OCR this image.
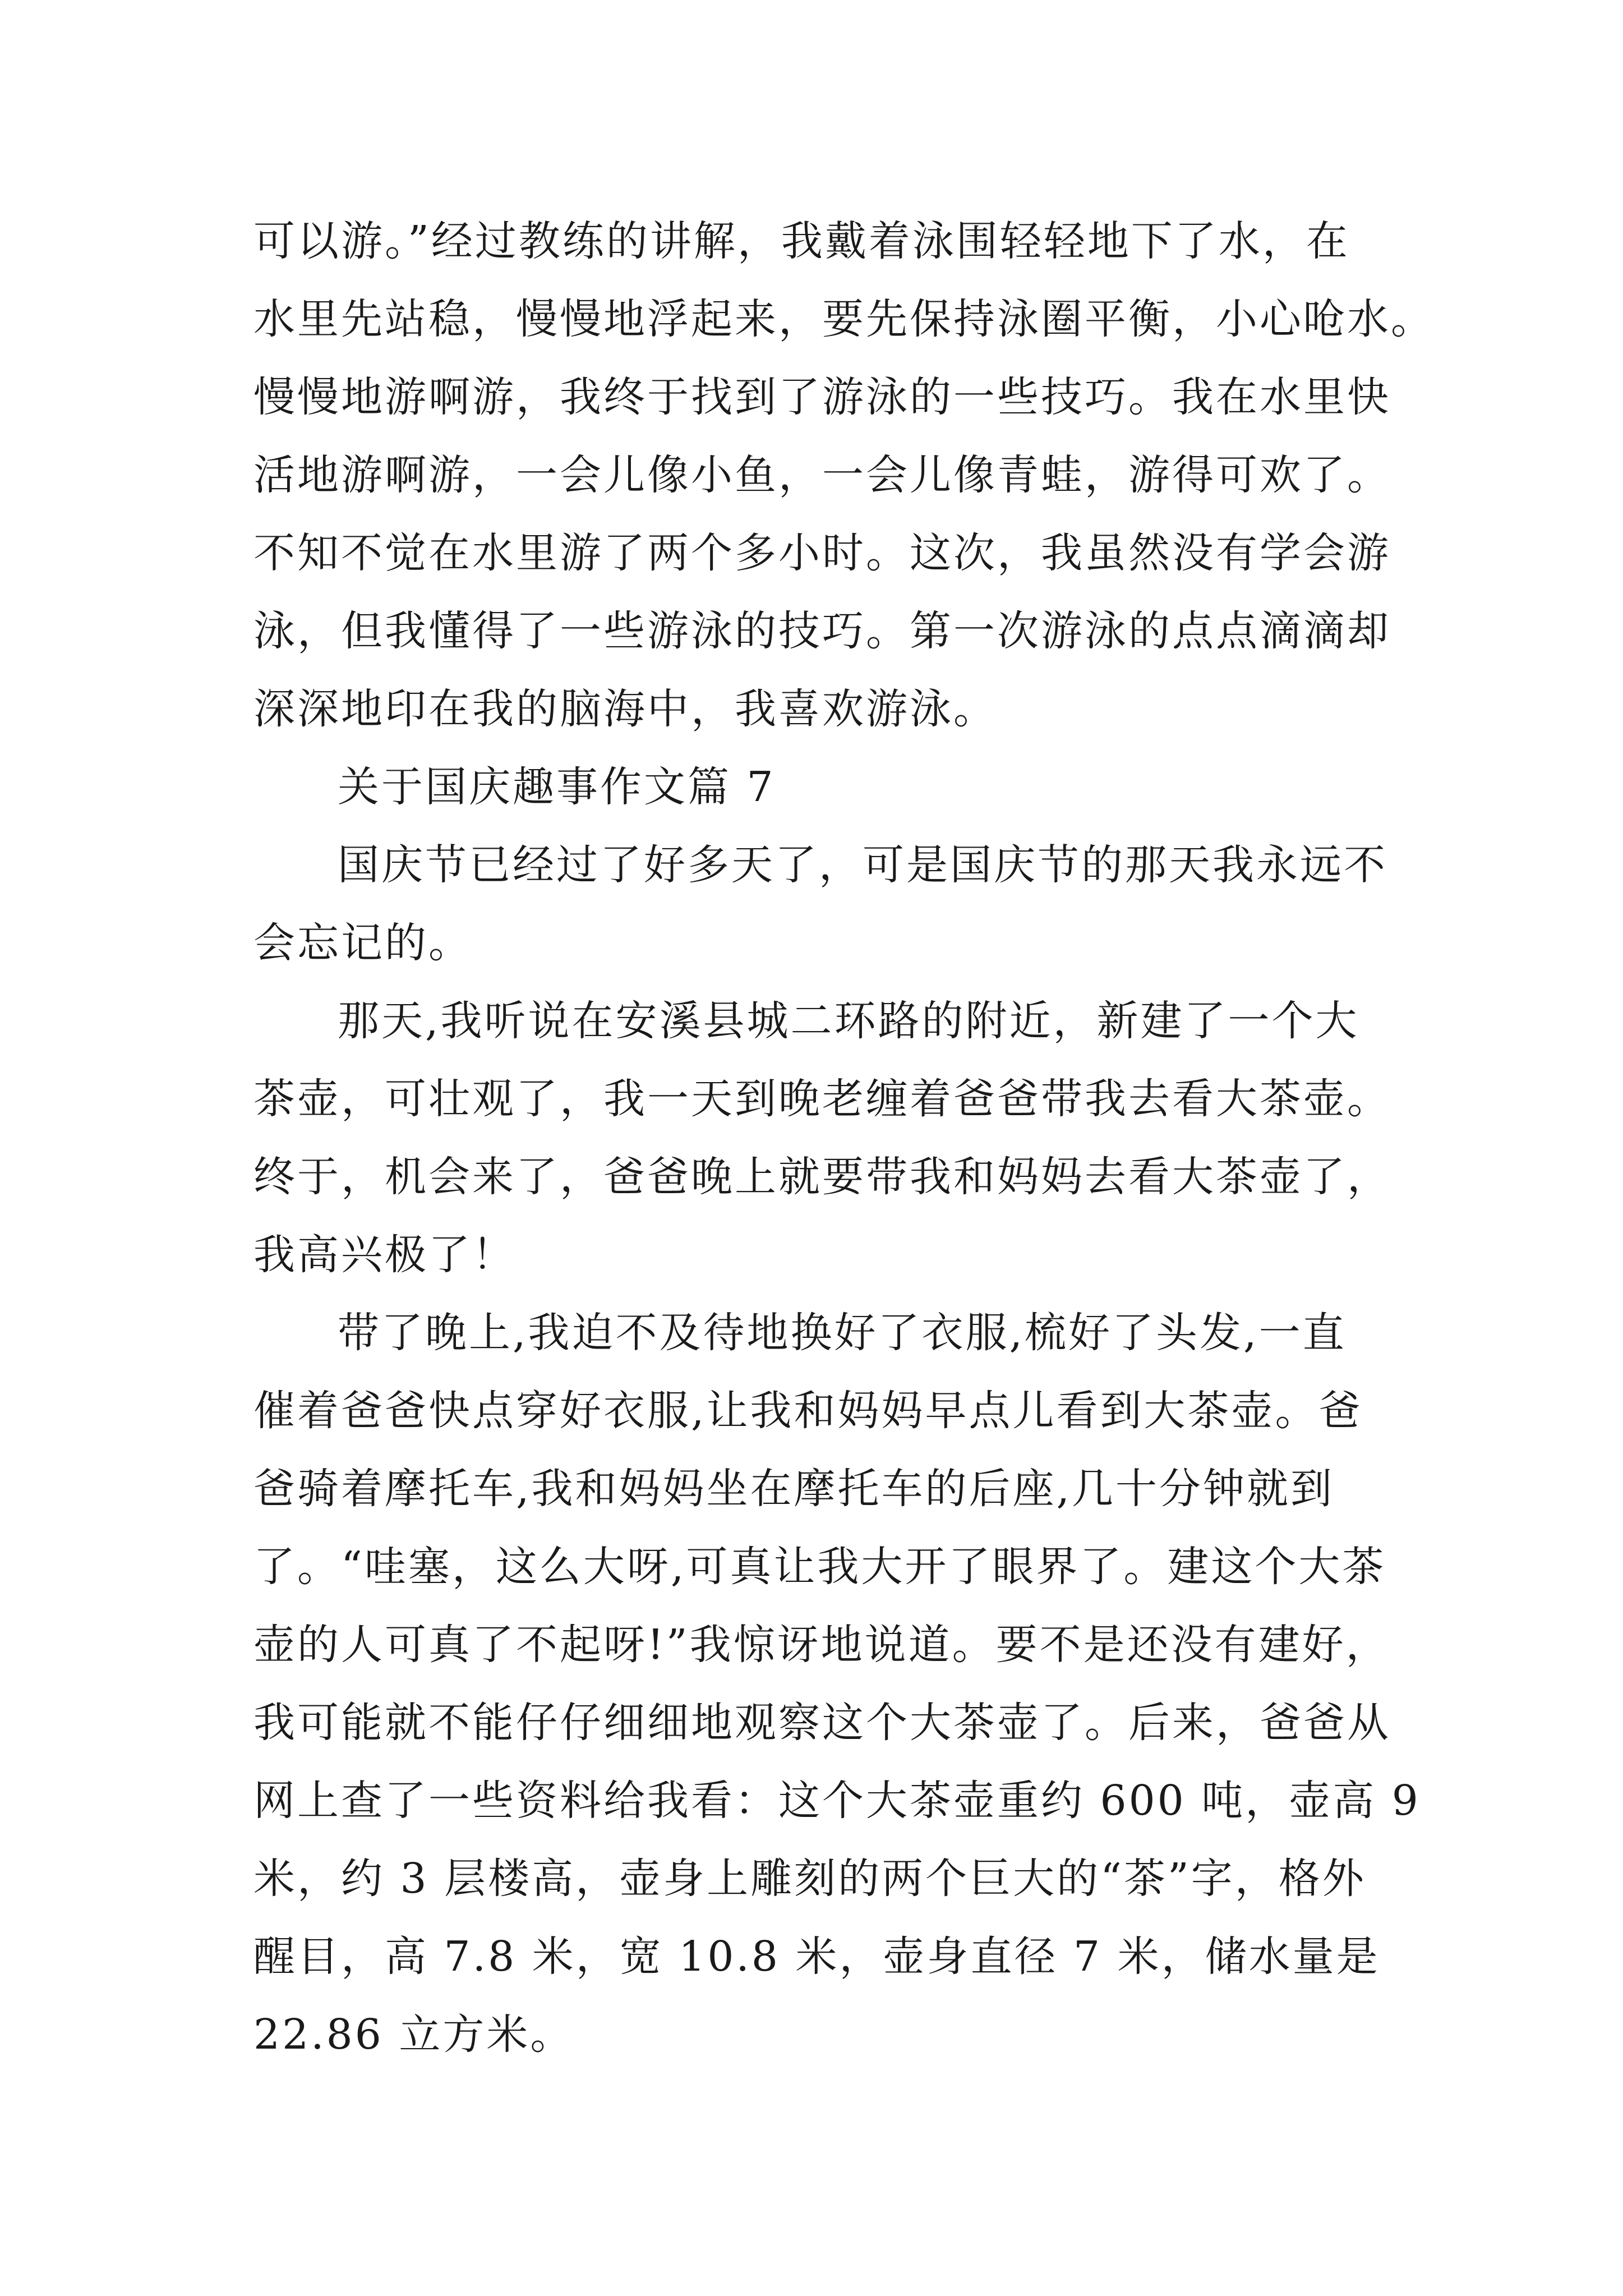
可以游。”经过教练的讲解，我戴着泳围轻轻地下了水，在
水里先站稳，慢慢地浮起来，要先保持泳圈平衡，小心呛水。
慢慢地游啊游，我终于找到了游泳的一些技巧。我在水里快
活地游啊游，一会儿像小鱼，一会儿像青蛙，游得可欢了。
不知不觉在水里游了两个多小时。这次，我虽然没有学会游
泳，但我懂得了一些游泳的技巧。第一次游泳的点点滴滴却
深深地印在我的脑海中，我喜欢游泳。
关于国庆趣事作文篇 7
国庆节已经过了好多天了，可是国庆节的那天我永远不
会忘记的。
那天,我听说在安溪县城二环路的附近，新建了一个大
茶壶，可壮观了，我一天到晚老缠着爸爸带我去看大茶壶。
终于，机会来了，爸爸晚上就要带我和妈妈去看大茶壶了，
我高兴极了！
带了晚上,我迫不及待地换好了衣服,梳好了头发,一直
催着爸爸快点穿好衣服,让我和妈妈早点儿看到大茶壶。爸
爸骑着摩托车,我和妈妈坐在摩托车的后座,几十分钟就到
了。“哇塞，这么大呀,可真让我大开了眼界了。建这个大茶
壶的人可真了不起呀!”我惊讶地说道。要不是还没有建好，
我可能就不能仔仔细细地观察这个大茶壶了。后来，爸爸从
网上查了一些资料给我看：这个大茶壶重约 600 吨，壶高 9
米，约 3 层楼高，壶身上雕刻的两个巨大的“茶”字，格外
醒目，高 7.8 米，宽 10.8 米，壶身直径 7 米，储水量是
22.86 立方米。
